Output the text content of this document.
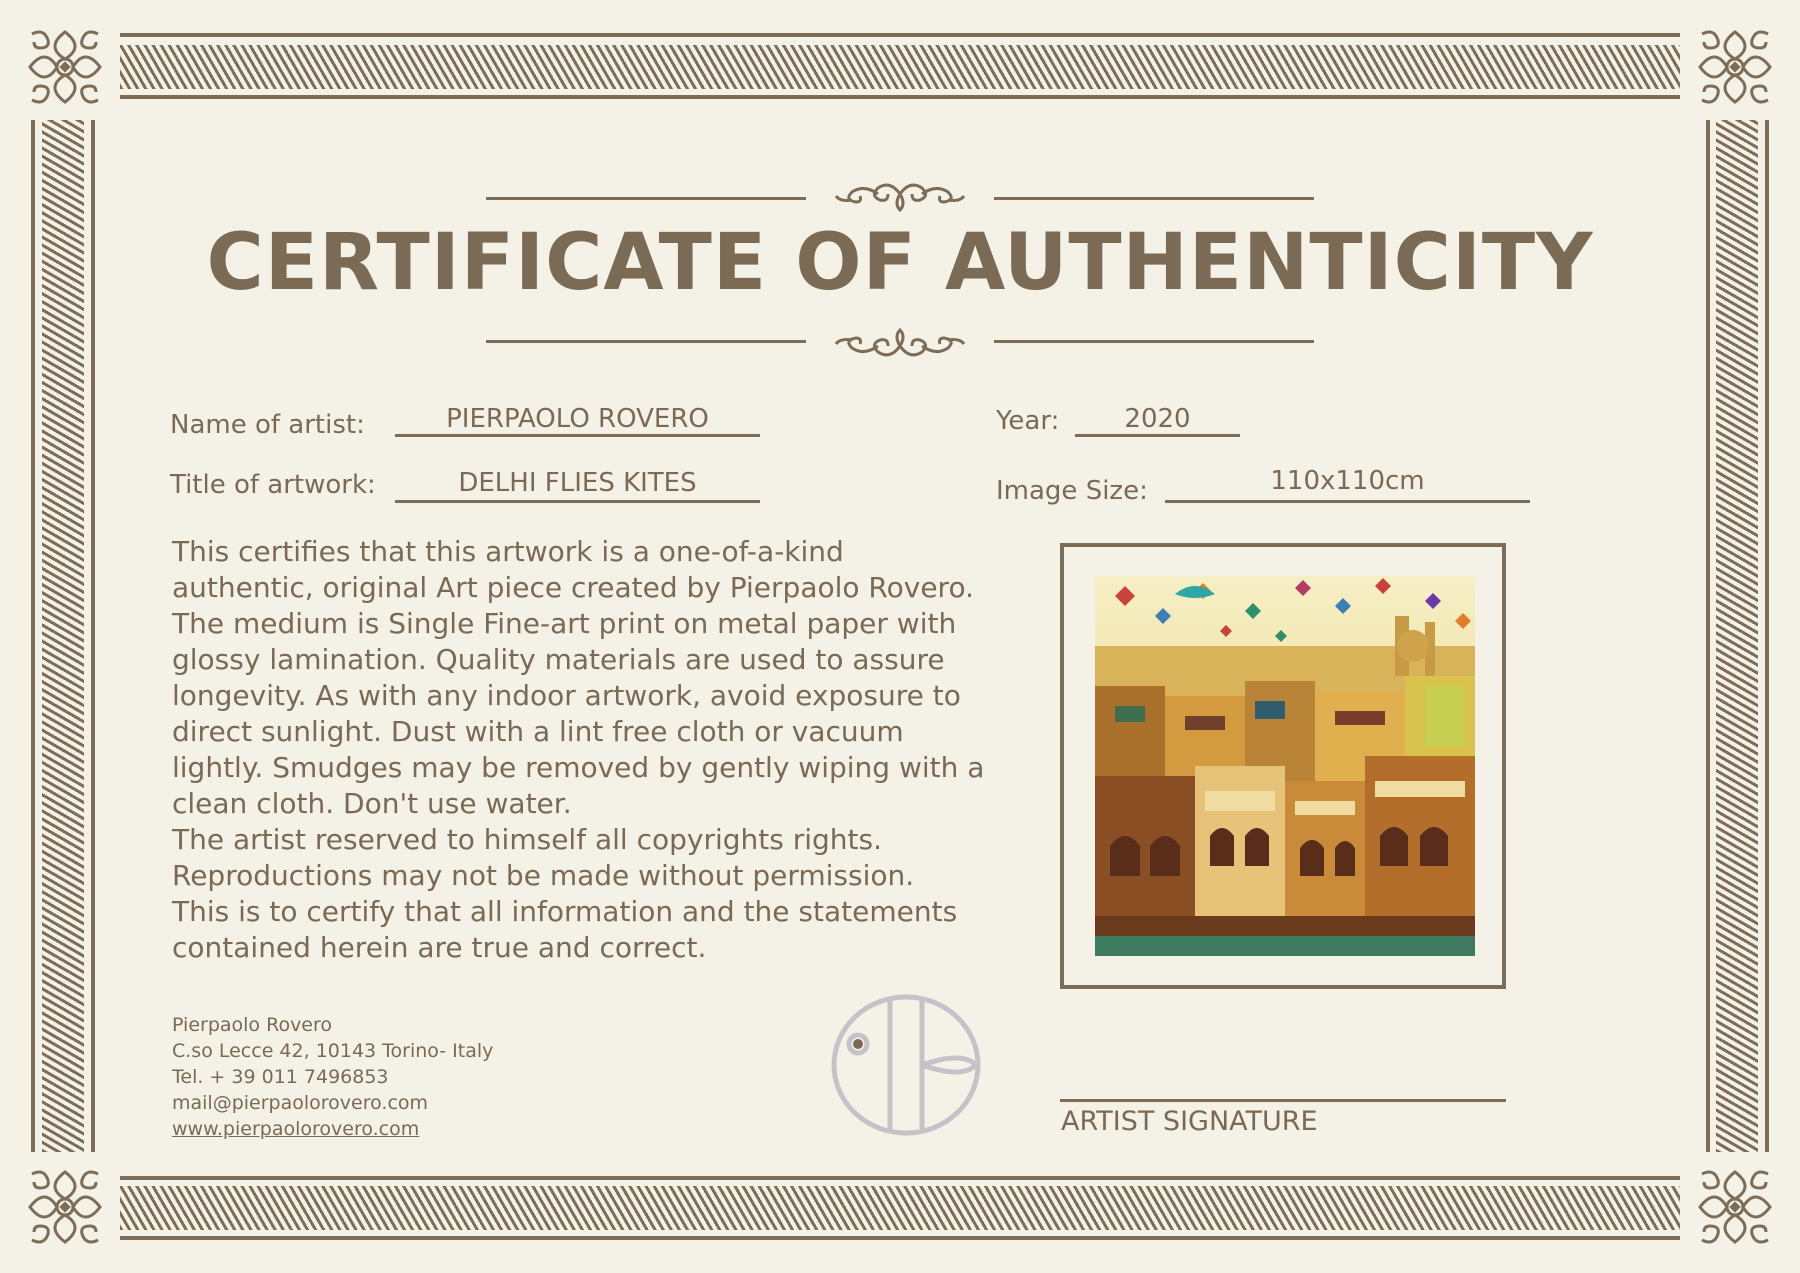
CERTIFICATE OF AUTHENTICITY
Name of artist:	PIERPAOLO ROVERO
Title of artwork:	DELHI FLIES KITES
Year:	2020
Image Size:	110x110cm

This certifies that this artwork is a one-of-a-kind authentic, original Art piece created by Pierpaolo Rovero.

The medium is Single Fine-art print on metal paper with glossy lamination. Quality materials are used to assure longevity. As with any indoor artwork, avoid exposure to direct sunlight. Dust with a lint free cloth or vacuum lightly. Smudges may be removed by gently wiping with a clean cloth. Don't use water.

The artist reserved to himself all copyrights rights.

Reproductions may not be made without permission.

This is to certify that all information and the statements contained herein are true and correct.

Pierpaolo Rovero
C.so Lecce 42, 10143 Torino- Italy
Tel. + 39 011 7496853
mail@pierpaolorovero.com
www.pierpaolorovero.com	ARTIST SIGNATURE
